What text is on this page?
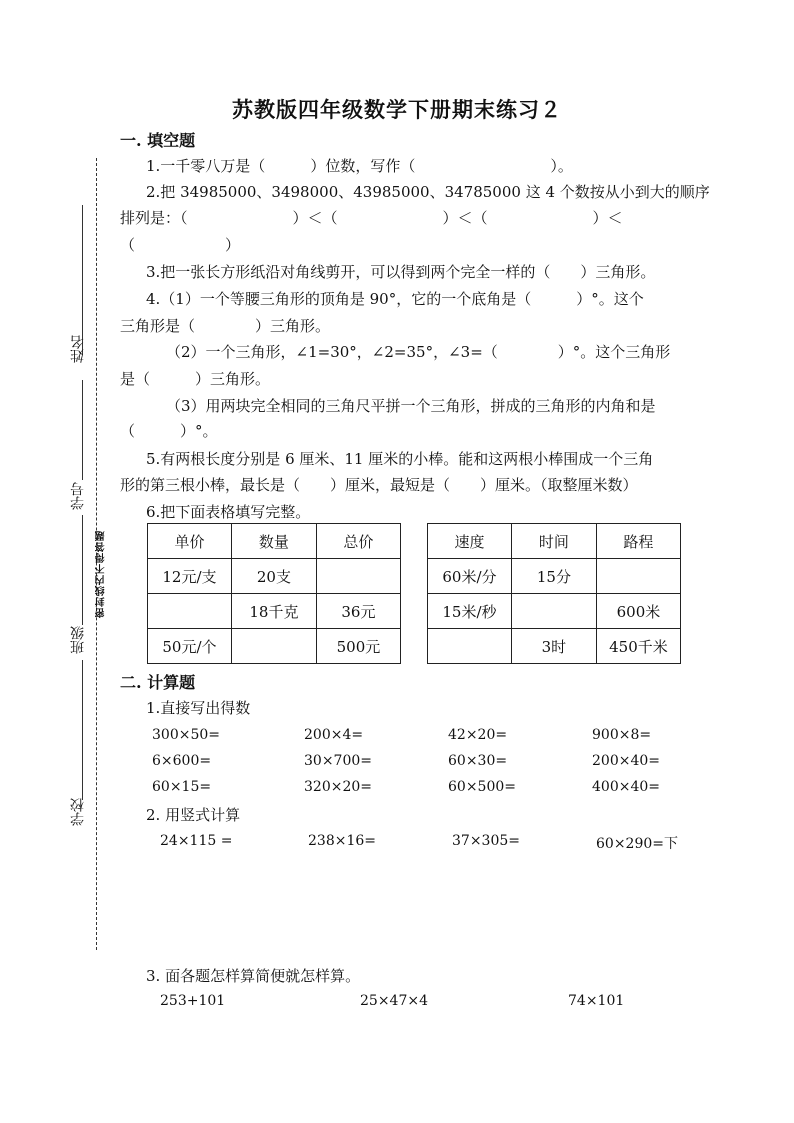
学校
班级
学号
姓名
密封线内不得答题
苏教版四年级数学下册期末练习２
一. 填空题
1.一千零八万是（　　　）位数，写作（　　　　　　　　　）。
2.把 34985000、3498000、43985000、34785000 这 4 个数按从小到大的顺序
排列是：（　　　　　　　）＜（　　　　　　　）＜（　　　　　　　）＜
（　　　　　　）
3.把一张长方形纸沿对角线剪开，可以得到两个完全一样的（　　）三角形。
4.（1）一个等腰三角形的顶角是 90°，它的一个底角是（　　　）°。这个
三角形是（　　　　）三角形。
（2）一个三角形，∠1=30°，∠2=35°，∠3=（　　　　）°。这个三角形
是（　　　）三角形。
（3）用两块完全相同的三角尺平拼一个三角形，拼成的三角形的内角和是
（　　　）°。
5.有两根长度分别是 6 厘米、11 厘米的小棒。能和这两根小棒围成一个三角
形的第三根小棒，最长是（　　）厘米，最短是（　　）厘米。（取整厘米数）
6.把下面表格填写完整。
单价	数量	总价
12元/支	20支	
	18千克	36元
50元/个		500元
速度	时间	路程
60米/分	15分	
15米/秒		600米
	3时	450千米
二. 计算题
1.直接写出得数
300×50=	200×4=	42×20=	900×8=
6×600=	30×700=	60×30=	200×40=
60×15=	320×20=	60×500=	400×40=
2. 用竖式计算
24×115 =	238×16=	37×305=	60×290=下
3. 面各题怎样算简便就怎样算。
253+101	25×47×4	74×101
